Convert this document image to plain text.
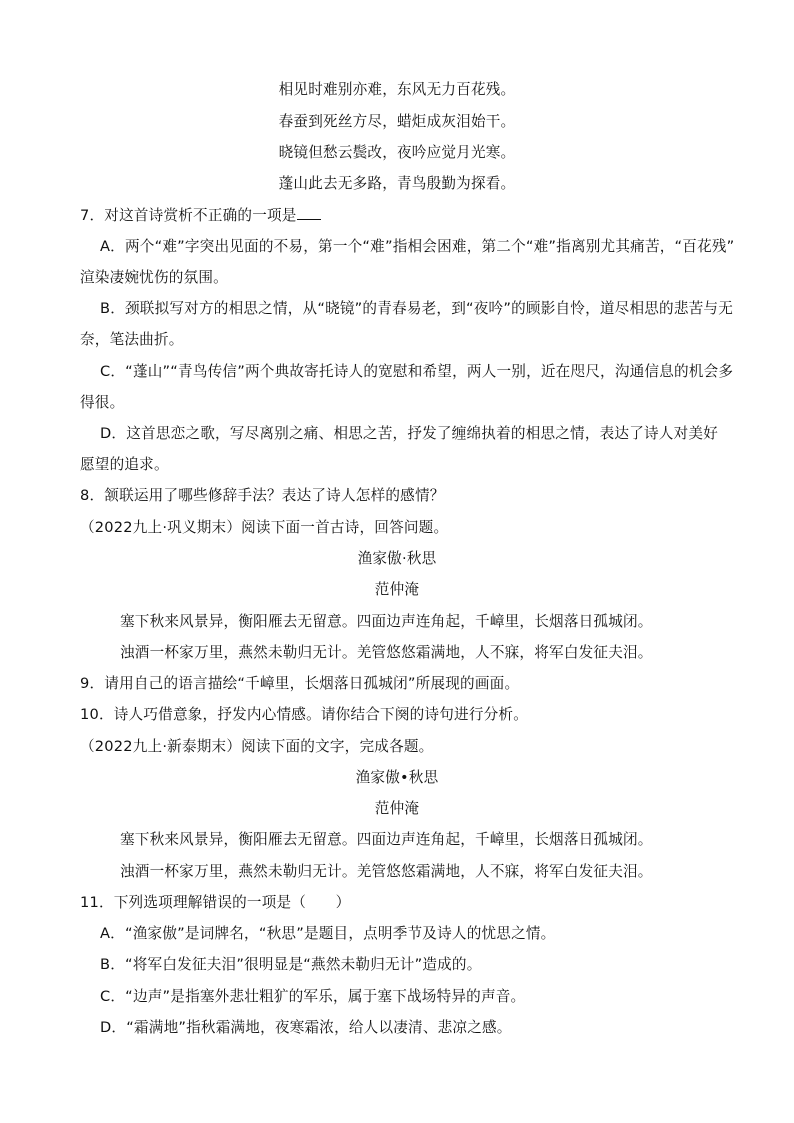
相见时难别亦难，东风无力百花残。
春蚕到死丝方尽，蜡炬成灰泪始干。
晓镜但愁云鬓改，夜吟应觉月光寒。
蓬山此去无多路，青鸟殷勤为探看。
7．对这首诗赏析不正确的一项是
A．两个“难”字突出见面的不易，第一个“难”指相会困难，第二个“难”指离别尤其痛苦，“百花残”
渲染凄婉忧伤的氛围。
B．颈联拟写对方的相思之情，从“晓镜”的青春易老，到“夜吟”的顾影自怜，道尽相思的悲苦与无
奈，笔法曲折。
C．“蓬山”“青鸟传信”两个典故寄托诗人的宽慰和希望，两人一别，近在咫尺，沟通信息的机会多
得很。
D．这首思恋之歌，写尽离别之痛、相思之苦，抒发了缠绵执着的相思之情，表达了诗人对美好
愿望的追求。
8．颔联运用了哪些修辞手法？表达了诗人怎样的感情？
（2022九上·巩义期末）阅读下面一首古诗，回答问题。
渔家傲·秋思
范仲淹
塞下秋来风景异，衡阳雁去无留意。四面边声连角起，千嶂里，长烟落日孤城闭。
浊酒一杯家万里，燕然未勒归无计。羌管悠悠霜满地，人不寐，将军白发征夫泪。
9．请用自己的语言描绘“千嶂里，长烟落日孤城闭”所展现的画面。
10．诗人巧借意象，抒发内心情感。请你结合下阕的诗句进行分析。
（2022九上·新泰期末）阅读下面的文字，完成各题。
渔家傲•秋思
范仲淹
塞下秋来风景异，衡阳雁去无留意。四面边声连角起，千嶂里，长烟落日孤城闭。
浊酒一杯家万里，燕然未勒归无计。羌管悠悠霜满地，人不寐，将军白发征夫泪。
11．下列选项理解错误的一项是（　　）
A．“渔家傲”是词牌名，“秋思”是题目，点明季节及诗人的忧思之情。
B．“将军白发征夫泪”很明显是“燕然未勒归无计”造成的。
C．“边声”是指塞外悲壮粗犷的军乐，属于塞下战场特异的声音。
D．“霜满地”指秋霜满地，夜寒霜浓，给人以凄清、悲凉之感。
